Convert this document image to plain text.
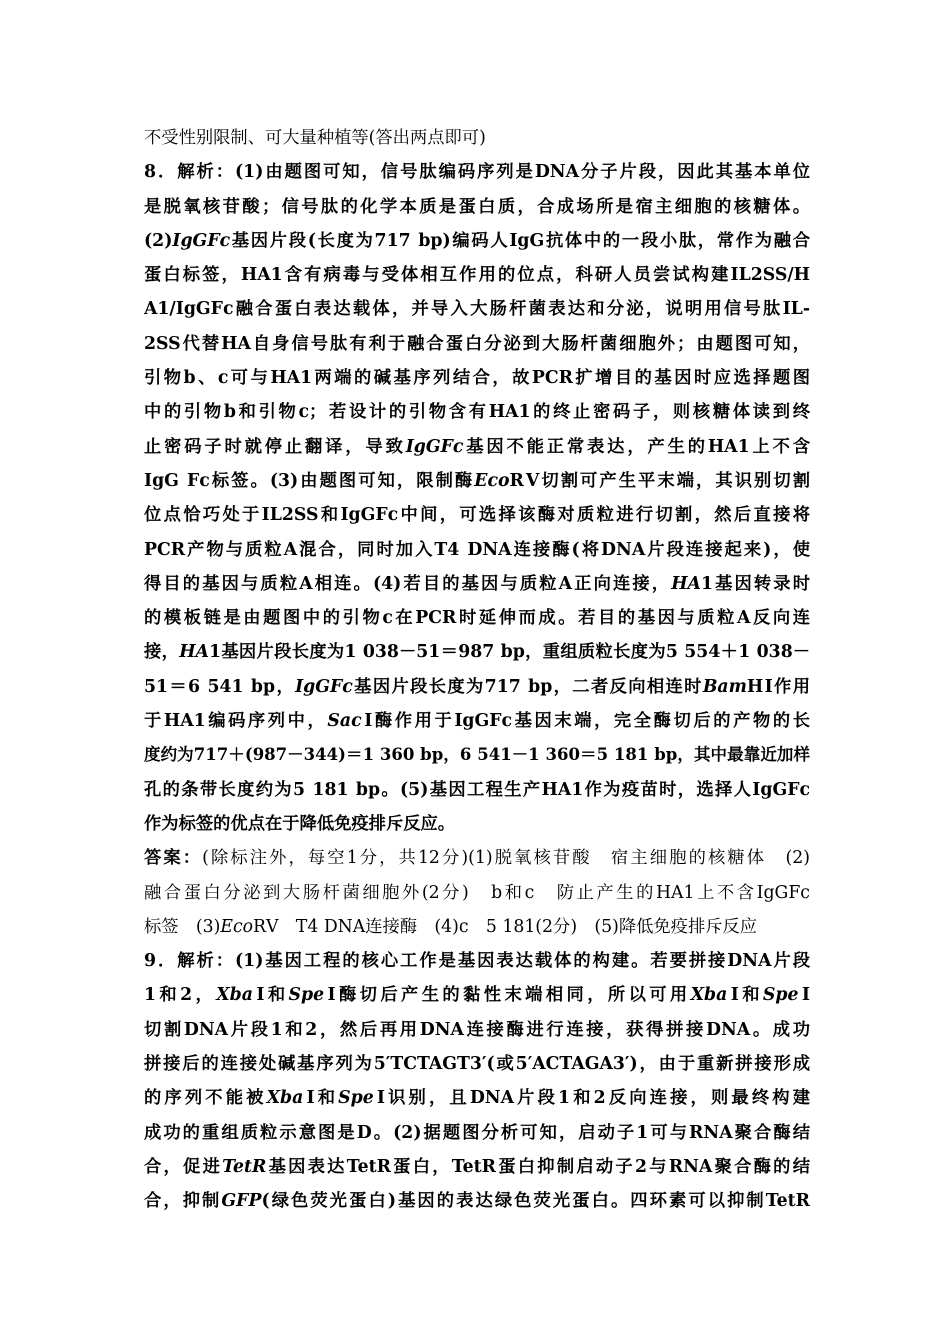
不受性别限制、可大量种植等(答出两点即可)
8．解析：(1)由题图可知，信号肽编码序列是DNA分子片段，因此其基本单位
是脱氧核苷酸；信号肽的化学本质是蛋白质，合成场所是宿主细胞的核糖体。
(2)IgGFc基因片段(长度为717 bp)编码人IgG抗体中的一段小肽，常作为融合
蛋白标签，HA1含有病毒与受体相互作用的位点，科研人员尝试构建IL2SS/H
A1/IgGFc融合蛋白表达载体，并导入大肠杆菌表达和分泌，说明用信号肽IL-
2SS代替HA自身信号肽有利于融合蛋白分泌到大肠杆菌细胞外；由题图可知，
引物b、c可与HA1两端的碱基序列结合，故PCR扩增目的基因时应选择题图
中的引物b和引物c；若设计的引物含有HA1的终止密码子，则核糖体读到终
止密码子时就停止翻译，导致IgGFc基因不能正常表达，产生的HA1上不含
IgG Fc标签。(3)由题图可知，限制酶EcoRⅤ切割可产生平末端，其识别切割
位点恰巧处于IL2SS和IgGFc中间，可选择该酶对质粒进行切割，然后直接将
PCR产物与质粒A混合，同时加入T4 DNA连接酶(将DNA片段连接起来)，使
得目的基因与质粒A相连。(4)若目的基因与质粒A正向连接，HA1基因转录时
的模板链是由题图中的引物c在PCR时延伸而成。若目的基因与质粒A反向连
接，HA1基因片段长度为1 038－51＝987 bp，重组质粒长度为5 554＋1 038－
51＝6 541 bp，IgGFc基因片段长度为717 bp，二者反向相连时BamHⅠ作用
于HA1编码序列中，SacⅠ酶作用于IgGFc基因末端，完全酶切后的产物的长
度约为717＋(987－344)＝1 360 bp，6 541－1 360＝5 181 bp，其中最靠近加样
孔的条带长度约为5 181 bp。(5)基因工程生产HA1作为疫苗时，选择人IgGFc
作为标签的优点在于降低免疫排斥反应。
答案：(除标注外，每空1分，共12分)(1)脱氧核苷酸　宿主细胞的核糖体　(2)
融合蛋白分泌到大肠杆菌细胞外(2分)　b和c　防止产生的HA1上不含IgGFc
标签　(3)EcoRⅤ　T4 DNA连接酶　(4)c　5 181(2分)　(5)降低免疫排斥反应
9．解析：(1)基因工程的核心工作是基因表达载体的构建。若要拼接DNA片段
1和2，XbaⅠ和SpeⅠ酶切后产生的黏性末端相同，所以可用XbaⅠ和SpeⅠ
切割DNA片段1和2，然后再用DNA连接酶进行连接，获得拼接DNA。成功
拼接后的连接处碱基序列为5′TCTAGT3′(或5′ACTAGA3′)，由于重新拼接形成
的序列不能被XbaⅠ和SpeⅠ识别，且DNA片段1和2反向连接，则最终构建
成功的重组质粒示意图是D。(2)据题图分析可知，启动子1可与RNA聚合酶结
合，促进TetR基因表达TetR蛋白，TetR蛋白抑制启动子2与RNA聚合酶的结
合，抑制GFP(绿色荧光蛋白)基因的表达绿色荧光蛋白。四环素可以抑制TetR
